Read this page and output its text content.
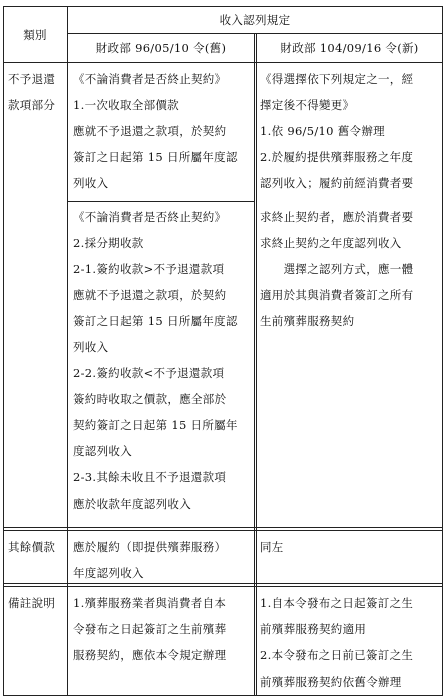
類別
收入認列規定
財政部 96/05/10 令(舊)	財政部 104/09/16 令(新)
不予退還
款項部分
《不論消費者是否終止契約》
1.一次收取全部價款
應就不予退還之款項，於契約
簽訂之日起第 15 日所屬年度認
列收入
《不論消費者是否終止契約》
2.採分期收款
2-1.簽約收款>不予退還款項
應就不予退還之款項，於契約
簽訂之日起第 15 日所屬年度認
列收入
2-2.簽約收款<不予退還款項
簽約時收取之價款，應全部於
契約簽訂之日起第 15 日所屬年
度認列收入
2-3.其餘未收且不予退還款項
應於收款年度認列收入
《得選擇依下列規定之一，經
擇定後不得變更》
1.依 96/5/10 舊令辦理
2.於履約提供殯葬服務之年度
認列收入；履約前經消費者要
求終止契約者，應於消費者要
求終止契約之年度認列收入
　　選擇之認列方式，應一體
適用於其與消費者簽訂之所有
生前殯葬服務契約
其餘價款 應於履約（即提供殯葬服務）
年度認列收入
同左
備註說明 1.殯葬服務業者與消費者自本
令發布之日起簽訂之生前殯葬
服務契約，應依本令規定辦理
1.自本令發布之日起簽訂之生
前殯葬服務契約適用
2.本令發布之日前已簽訂之生
前殯葬服務契約依舊令辦理
